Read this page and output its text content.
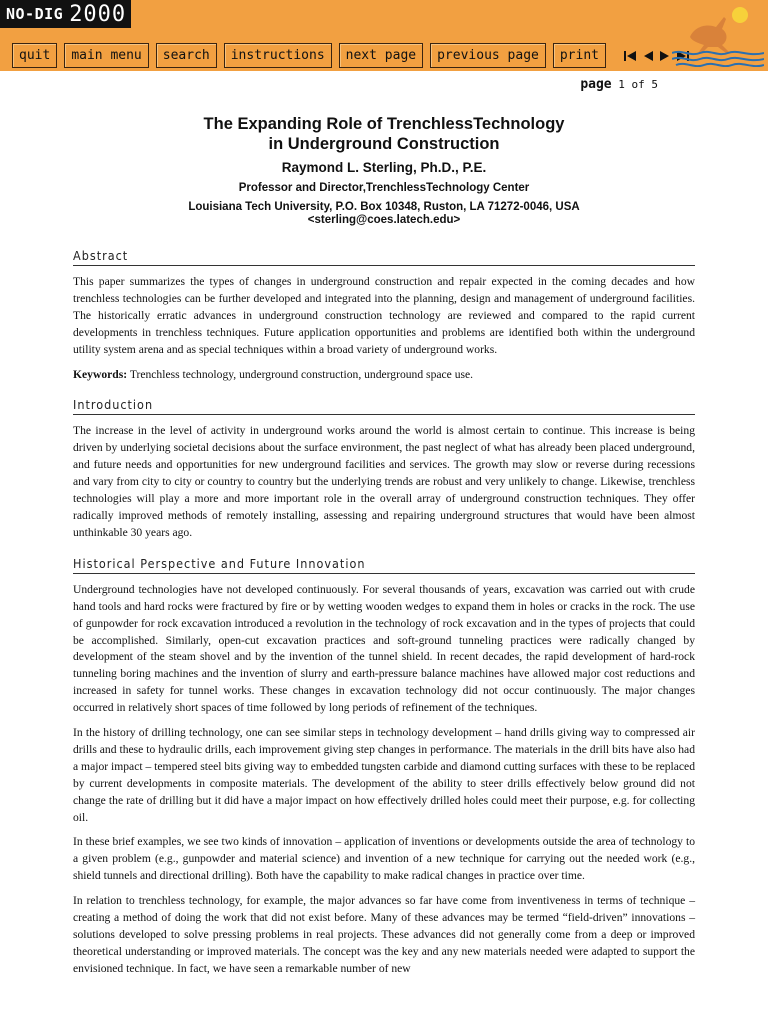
NO-DIG 2000
quit	main menu	search	instructions	next page	previous page	print
page 1 of 5
The Expanding Role of TrenchlessTechnology
in Underground Construction
Raymond L. Sterling, Ph.D., P.E.
Professor and Director,TrenchlessTechnology Center
Louisiana Tech University, P.O. Box 10348, Ruston, LA 71272-0046, USA
<sterling@coes.latech.edu>
Abstract

This paper summarizes the types of changes in underground construction and repair expected in the coming decades and how trenchless technologies can be further developed and integrated into the planning, design and management of underground facilities. The historically erratic advances in underground construction technology are reviewed and compared to the rapid current developments in trenchless techniques. Future application opportunities and problems are identified both within the underground utility system arena and as special techniques within a broad variety of underground works.

Keywords: Trenchless technology, underground construction, underground space use.

Introduction

The increase in the level of activity in underground works around the world is almost certain to continue. This increase is being driven by underlying societal decisions about the surface environment, the past neglect of what has already been placed underground, and future needs and opportunities for new underground facilities and services. The growth may slow or reverse during recessions and vary from city to city or country to country but the underlying trends are robust and very unlikely to change. Likewise, trenchless technologies will play a more and more important role in the overall array of underground construction techniques. They offer radically improved methods of remotely installing, assessing and repairing underground structures that would have been almost unthinkable 30 years ago.

Historical Perspective and Future Innovation

Underground technologies have not developed continuously. For several thousands of years, excavation was carried out with crude hand tools and hard rocks were fractured by fire or by wetting wooden wedges to expand them in holes or cracks in the rock. The use of gunpowder for rock excavation introduced a revolution in the technology of rock excavation and in the types of projects that could be accomplished. Similarly, open-cut excavation practices and soft-ground tunneling practices were radically changed by development of the steam shovel and by the invention of the tunnel shield. In recent decades, the rapid development of hard-rock tunneling boring machines and the invention of slurry and earth-pressure balance machines have allowed major cost reductions and increased in safety for tunnel works. These changes in excavation technology did not occur continuously. The major changes occurred in relatively short spaces of time followed by long periods of refinement of the techniques.

In the history of drilling technology, one can see similar steps in technology development – hand drills giving way to compressed air drills and these to hydraulic drills, each improvement giving step changes in performance. The materials in the drill bits have also had a major impact – tempered steel bits giving way to embedded tungsten carbide and diamond cutting surfaces with these to be replaced by current developments in composite materials. The development of the ability to steer drills effectively below ground did not change the rate of drilling but it did have a major impact on how effectively drilled holes could meet their purpose, e.g. for collecting oil.

In these brief examples, we see two kinds of innovation – application of inventions or developments outside the area of technology to a given problem (e.g., gunpowder and material science) and invention of a new technique for carrying out the needed work (e.g., shield tunnels and directional drilling). Both have the capability to make radical changes in practice over time.

In relation to trenchless technology, for example, the major advances so far have come from inventiveness in terms of technique – creating a method of doing the work that did not exist before. Many of these advances may be termed “field-driven” innovations – solutions developed to solve pressing problems in real projects. These advances did not generally come from a deep or improved theoretical understanding or improved materials. The concept was the key and any new materials needed were adapted to support the envisioned technique. In fact, we have seen a remarkable number of new
